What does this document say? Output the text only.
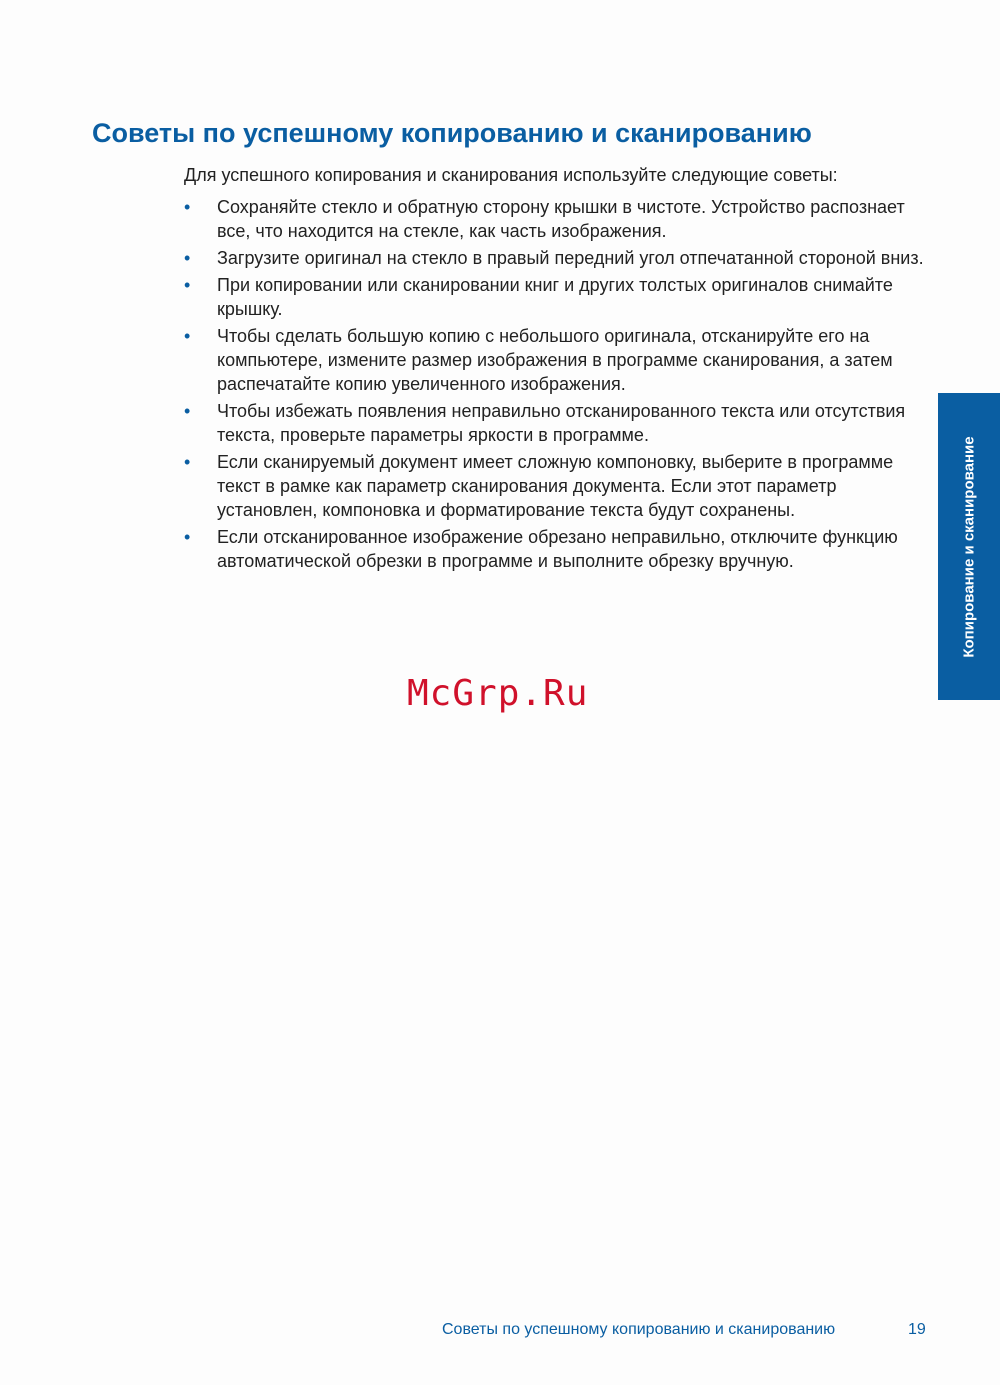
Советы по успешному копированию и сканированию

Для успешного копирования и сканирования используйте следующие советы:

• Сохраняйте стекло и обратную сторону крышки в чистоте. Устройство распознает все, что находится на стекле, как часть изображения.
• Загрузите оригинал на стекло в правый передний угол отпечатанной стороной вниз.
• При копировании или сканировании книг и других толстых оригиналов снимайте крышку.
• Чтобы сделать большую копию с небольшого оригинала, отсканируйте его на компьютере, измените размер изображения в программе сканирования, а затем распечатайте копию увеличенного изображения.
• Чтобы избежать появления неправильно отсканированного текста или отсутствия текста, проверьте параметры яркости в программе.
• Если сканируемый документ имеет сложную компоновку, выберите в программе текст в рамке как параметр сканирования документа. Если этот параметр установлен, компоновка и форматирование текста будут сохранены.
• Если отсканированное изображение обрезано неправильно, отключите функцию автоматической обрезки в программе и выполните обрезку вручную.	Копирование и сканирование
McGrp.Ru
Советы по успешному копированию и сканированию	19
